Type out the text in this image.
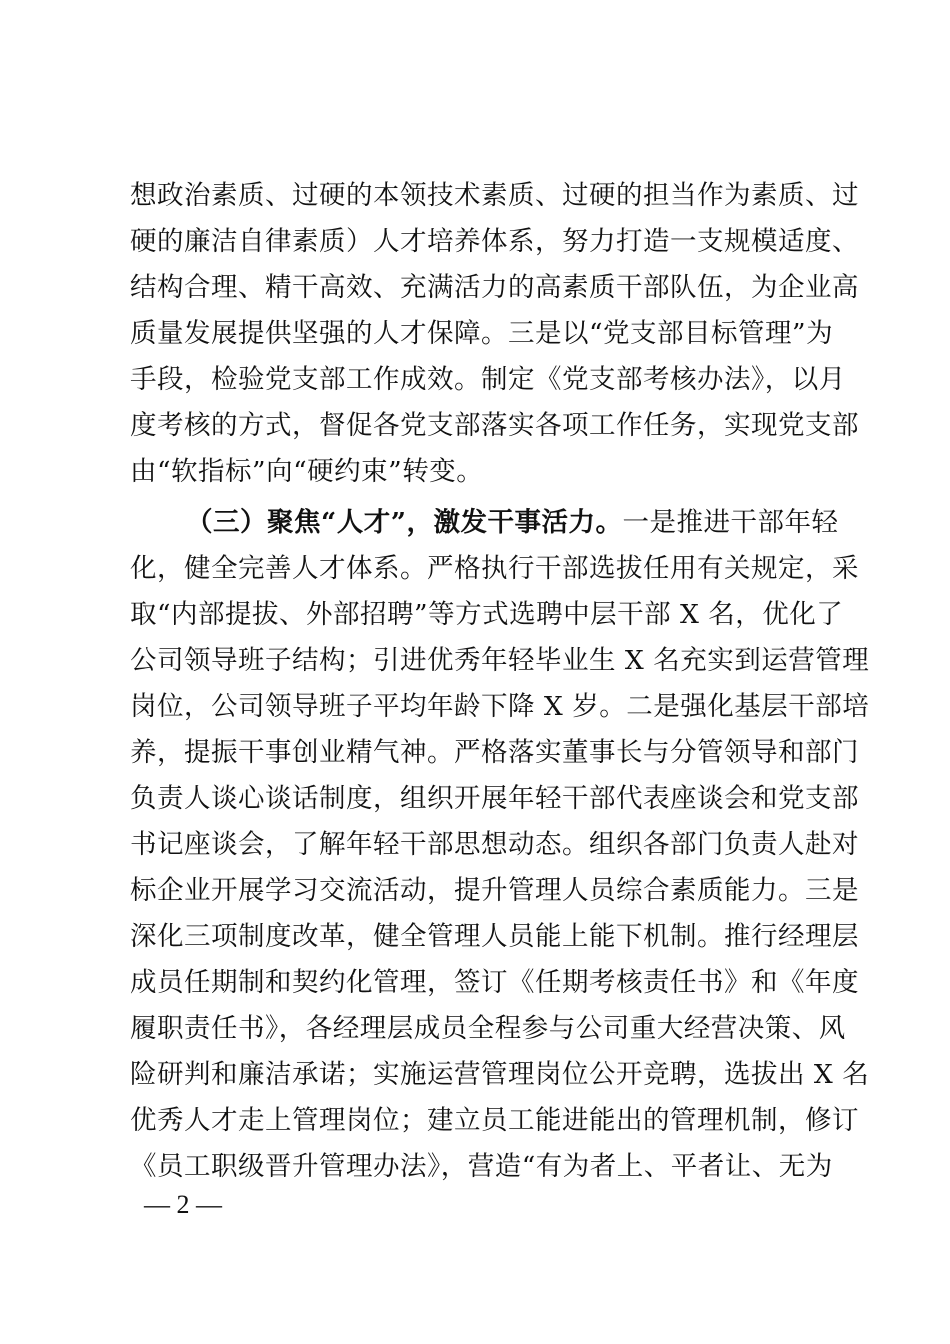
想政治素质、过硬的本领技术素质、过硬的担当作为素质、过
硬的廉洁自律素质）人才培养体系，努力打造一支规模适度、
结构合理、精干高效、充满活力的高素质干部队伍，为企业高
质量发展提供坚强的人才保障。三是以“党支部目标管理”为
手段，检验党支部工作成效。制定《党支部考核办法》，以月
度考核的方式，督促各党支部落实各项工作任务，实现党支部
由“软指标”向“硬约束”转变。
（三）聚焦“人才”，激发干事活力。一是推进干部年轻
化，健全完善人才体系。严格执行干部选拔任用有关规定，采
取“内部提拔、外部招聘”等方式选聘中层干部 X 名，优化了
公司领导班子结构；引进优秀年轻毕业生 X 名充实到运营管理
岗位，公司领导班子平均年龄下降 X 岁。二是强化基层干部培
养，提振干事创业精气神。严格落实董事长与分管领导和部门
负责人谈心谈话制度，组织开展年轻干部代表座谈会和党支部
书记座谈会，了解年轻干部思想动态。组织各部门负责人赴对
标企业开展学习交流活动，提升管理人员综合素质能力。三是
深化三项制度改革，健全管理人员能上能下机制。推行经理层
成员任期制和契约化管理，签订《任期考核责任书》和《年度
履职责任书》，各经理层成员全程参与公司重大经营决策、风
险研判和廉洁承诺；实施运营管理岗位公开竞聘，选拔出 X 名
优秀人才走上管理岗位；建立员工能进能出的管理机制，修订
《员工职级晋升管理办法》，营造“有为者上、平者让、无为
— 2 —
